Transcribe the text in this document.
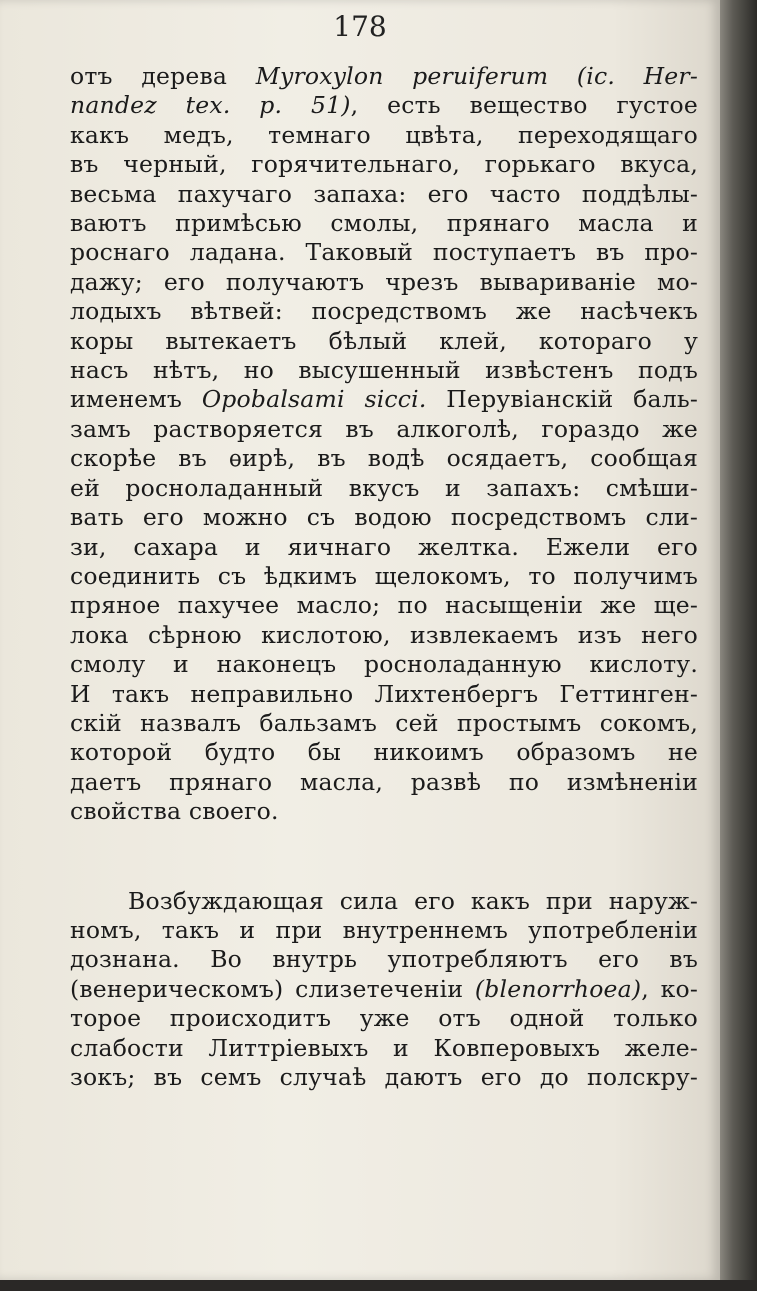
178
отъ дерева Myroxylon peruiferum (ic. Her-
nandez tex. p. 51), есть вещество густое
какъ медъ, темнаго цвѣта, переходящаго
въ черный, горячительнаго, горькаго вкуса,
весьма пахучаго запаха: его часто поддѣлы-
ваютъ примѣсью смолы, прянаго масла и
роснаго ладана. Таковый поступаетъ въ про-
дажу; его получаютъ чрезъ вывариваніе мо-
лодыхъ вѣтвей: посредствомъ же насѣчекъ
коры вытекаетъ бѣлый клей, котораго у
насъ нѣтъ, но высушенный извѣстенъ подъ
именемъ Opobalsami sicci. Перувіанскій баль-
замъ растворяется въ алкоголѣ, гораздо же
скорѣе въ ѳирѣ, въ водѣ осядаетъ, сообщая
ей росноладанный вкусъ и запахъ: смѣши-
вать его можно съ водою посредствомъ сли-
зи, сахара и яичнаго желтка. Ежели его
соединить съ ѣдкимъ щелокомъ, то получимъ
пряное пахучее масло; по насыщеніи же ще-
лока сѣрною кислотою, извлекаемъ изъ него
смолу и наконецъ росноладанную кислоту.
И такъ неправильно Лихтенбергъ Геттинген-
скій назвалъ бальзамъ сей простымъ сокомъ,
которой будто бы никоимъ образомъ не
даетъ прянаго масла, развѣ по измѣненіи
свойства своего.
Возбуждающая сила его какъ при наруж-
номъ, такъ и при внутреннемъ употребленіи
дознана. Во внутрь употребляютъ его въ
(венерическомъ) слизетеченіи (blenorrhoea), ко-
торое происходитъ уже отъ одной только
слабости Литтріевыхъ и Ковперовыхъ желе-
зокъ; въ семъ случаѣ даютъ его до полскру-
